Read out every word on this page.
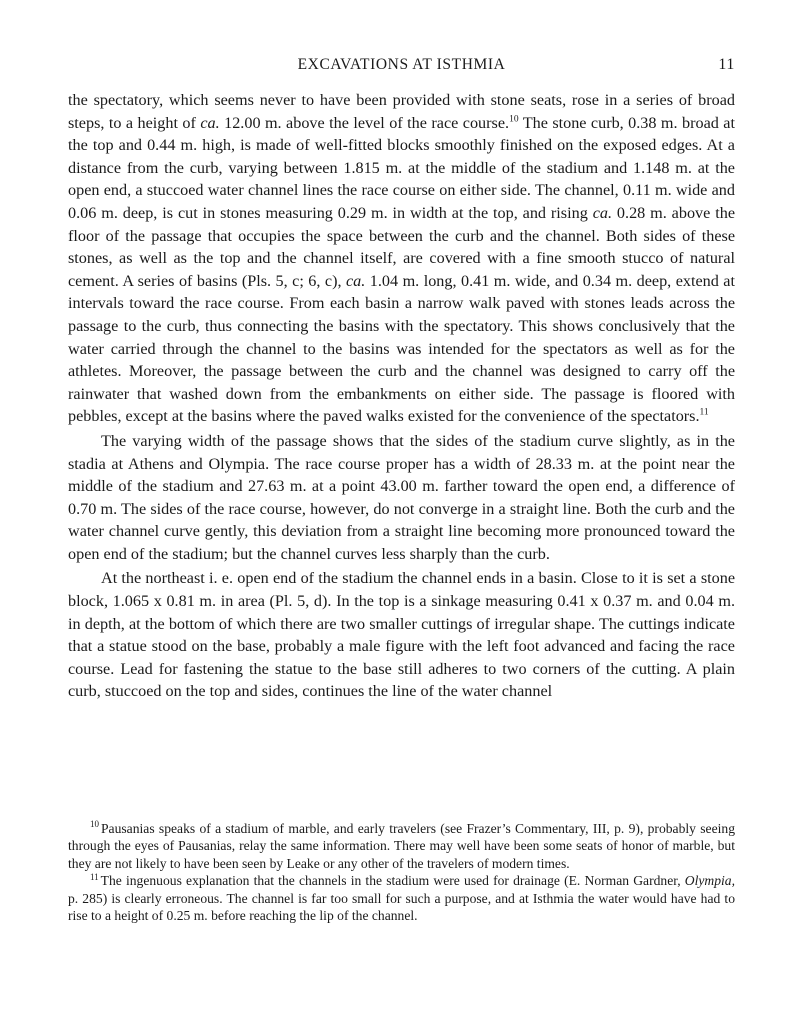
EXCAVATIONS AT ISTHMIA	11

the spectatory, which seems never to have been provided with stone seats, rose in a series of broad steps, to a height of ca. 12.00 m. above the level of the race course.$^{10}$ The stone curb, 0.38 m. broad at the top and 0.44 m. high, is made of well-fitted blocks smoothly finished on the exposed edges. At a distance from the curb, varying between 1.815 m. at the middle of the stadium and 1.148 m. at the open end, a stuccoed water channel lines the race course on either side. The channel, 0.11 m. wide and 0.06 m. deep, is cut in stones measuring 0.29 m. in width at the top, and rising ca. 0.28 m. above the floor of the passage that occupies the space between the curb and the channel. Both sides of these stones, as well as the top and the channel itself, are covered with a fine smooth stucco of natural cement. A series of basins (Pls. 5, c; 6, c), ca. 1.04 m. long, 0.41 m. wide, and 0.34 m. deep, extend at intervals toward the race course. From each basin a narrow walk paved with stones leads across the passage to the curb, thus connecting the basins with the spectatory. This shows conclusively that the water carried through the channel to the basins was intended for the spectators as well as for the athletes. Moreover, the passage between the curb and the channel was designed to carry off the rainwater that washed down from the embankments on either side. The passage is floored with pebbles, except at the basins where the paved walks existed for the convenience of the spectators.$^{11}$

The varying width of the passage shows that the sides of the stadium curve slightly, as in the stadia at Athens and Olympia. The race course proper has a width of 28.33 m. at the point near the middle of the stadium and 27.63 m. at a point 43.00 m. farther toward the open end, a difference of 0.70 m. The sides of the race course, however, do not converge in a straight line. Both the curb and the water channel curve gently, this deviation from a straight line becoming more pronounced toward the open end of the stadium; but the channel curves less sharply than the curb.

At the northeast i. e. open end of the stadium the channel ends in a basin. Close to it is set a stone block, 1.065 x 0.81 m. in area (Pl. 5, d). In the top is a sinkage measuring 0.41 x 0.37 m. and 0.04 m. in depth, at the bottom of which there are two smaller cuttings of irregular shape. The cuttings indicate that a statue stood on the base, probably a male figure with the left foot advanced and facing the race course. Lead for fastening the statue to the base still adheres to two corners of the cutting. A plain curb, stuccoed on the top and sides, continues the line of the water channel

$^{10}$ Pausanias speaks of a stadium of marble, and early travelers (see Frazer’s Commentary, III, p. 9), probably seeing through the eyes of Pausanias, relay the same information. There may well have been some seats of honor of marble, but they are not likely to have been seen by Leake or any other of the travelers of modern times.

$^{11}$ The ingenuous explanation that the channels in the stadium were used for drainage (E. Norman Gardner, Olympia, p. 285) is clearly erroneous. The channel is far too small for such a purpose, and at Isthmia the water would have had to rise to a height of 0.25 m. before reaching the lip of the channel.
